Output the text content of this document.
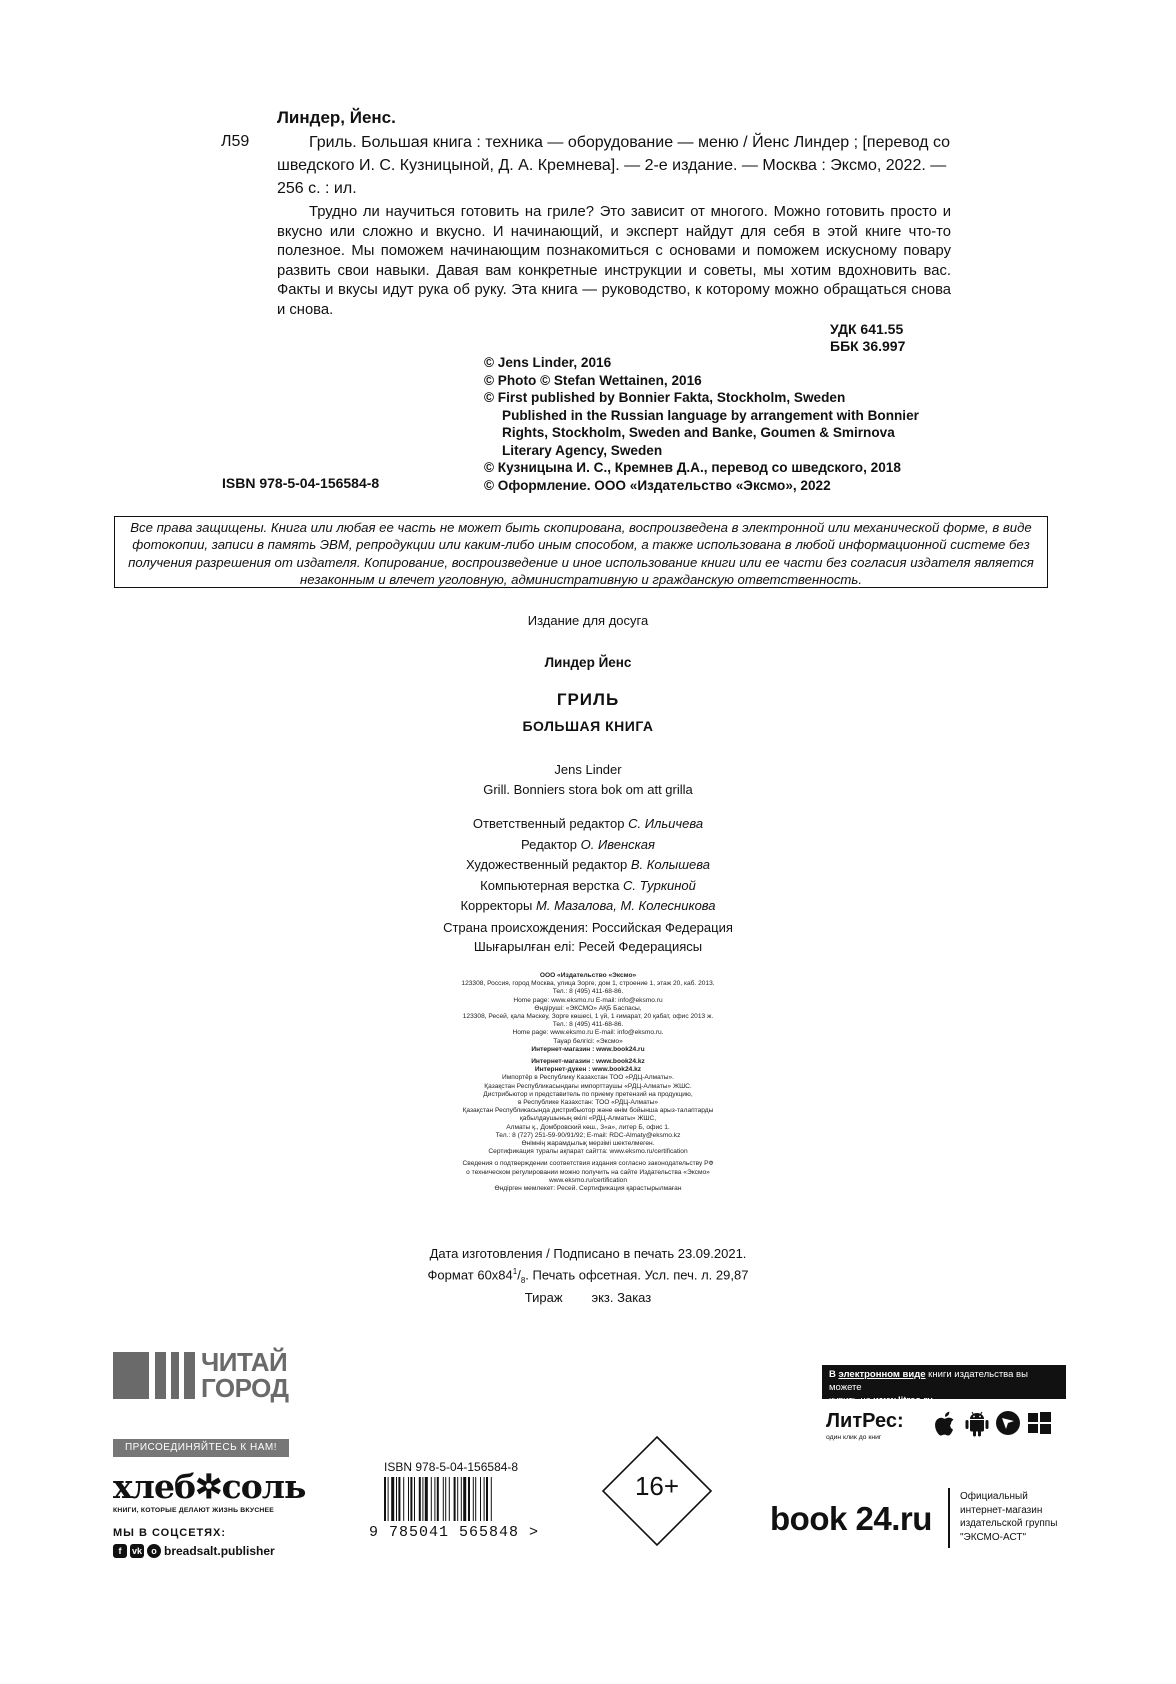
Линдер, Йенс.
Л59	Гриль. Большая книга : техника — оборудование — меню / Йенс Линдер ; [перевод со шведского И. С. Кузницыной, Д. А. Кремнева]. — 2-е издание. — Москва : Эксмо, 2022. — 256 с. : ил.

Трудно ли научиться готовить на гриле? Это зависит от многого. Можно готовить просто и вкусно или сложно и вкусно. И начинающий, и эксперт найдут для себя в этой книге что-то полезное. Мы поможем начинающим познакомиться с основами и поможем искусному повару развить свои навыки. Давая вам конкретные инструкции и советы, мы хотим вдохновить вас. Факты и вкусы идут рука об руку. Эта книга — руководство, к которому можно обращаться снова и снова.

УДК 641.55
ББК 36.997
© Jens Linder, 2016
© Photo © Stefan Wettainen, 2016
© First published by Bonnier Fakta, Stockholm, Sweden
Published in the Russian language by arrangement with Bonnier
Rights, Stockholm, Sweden and Banke, Goumen & Smirnova
Literary Agency, Sweden
© Кузницына И. С., Кремнев Д.А., перевод со шведского, 2018
© Оформление. ООО «Издательство «Эксмо», 2022
ISBN 978-5-04-156584-8
Все права защищены. Книга или любая ее часть не может быть скопирована, воспроизведена в электронной или механической форме, в виде фотокопии, записи в память ЭВМ, репродукции или каким-либо иным способом, а также использована в любой информационной системе без получения разрешения от издателя. Копирование, воспроизведение и иное использование книги или ее части без согласия издателя является незаконным и влечет уголовную, административную и гражданскую ответственность.
Издание для досуга
Линдер Йенс
ГРИЛЬ
БОЛЬШАЯ КНИГА
Jens Linder
Grill. Bonniers stora bok om att grilla
Ответственный редактор С. Ильичева
Редактор О. Ивенская
Художественный редактор В. Колышева
Компьютерная верстка С. Туркиной
Корректоры М. Мазалова, М. Колесникова
Страна происхождения: Российская Федерация
Шығарылған елі: Ресей Федерациясы
ООО «Издательство «Эксмо»
123308, Россия, город Москва, улица Зорге, дом 1, строение 1, этаж 20, каб. 2013.
Тел.: 8 (495) 411-68-86.
Home page: www.eksmo.ru E-mail: info@eksmo.ru
Өндіруші: «ЭКСМО» АҚБ Баспасы,
123308, Ресей, қала Мәскеу, Зорге көшесі, 1 үй, 1 ғимарат, 20 қабат, офис 2013 ж.
Тел.: 8 (495) 411-68-86.
Home page: www.eksmo.ru E-mail: info@eksmo.ru.
Тауар белгісі: «Эксмо»
Интернет-магазин : www.book24.ru
Интернет-магазин : www.book24.kz
Интернет-дүкен : www.book24.kz
Импортёр в Республику Казахстан ТОО «РДЦ-Алматы».
Қазақстан Республикасындағы импорттаушы «РДЦ-Алматы» ЖШС.
Дистрибьютор и представитель по приему претензий на продукцию,
в Республике Казахстан: ТОО «РДЦ-Алматы»
Қазақстан Республикасында дистрибьютор және өнім бойынша арыз-талаптарды
қабылдаушының өкілі «РДЦ-Алматы» ЖШС,
Алматы қ., Домбровский көш., 3«а», литер Б, офис 1.
Тел.: 8 (727) 251-59-90/91/92; E-mail: RDC-Almaty@eksmo.kz
Өнімнің жарамдылық мерзімі шектелмеген.
Сертификация туралы ақпарат сайтта: www.eksmo.ru/certification
Сведения о подтверждении соответствия издания согласно законодательству РФ
о техническом регулировании можно получить на сайте Издательства «Эксмо»
www.eksmo.ru/certification
Өндірген мемлекет: Ресей. Сертификация қарастырылмаған
Дата изготовления / Подписано в печать 23.09.2021.
Формат $60x84^1/_8$. Печать офсетная. Усл. печ. л. 29,87
Тираж        экз. Заказ
ЧИТАЙ
ГОРОД
ПРИСОЕДИНЯЙТЕСЬ К НАМ!
хлеб✲соль
КНИГИ, КОТОРЫЕ ДЕЛАЮТ ЖИЗНЬ ВКУСНЕЕ
МЫ В СОЦСЕТЯХ:
f	vk	o breadsalt.publisher
ISBN 978-5-04-156584-8
9 785041 565848 >
16+
В электронном виде книги издательства вы можете
купить на www.litres.ru
ЛитРес:
один клик до книг
book 24.ru
Официальный
интернет-магазин
издательской группы
"ЭКСМО-АСТ"
